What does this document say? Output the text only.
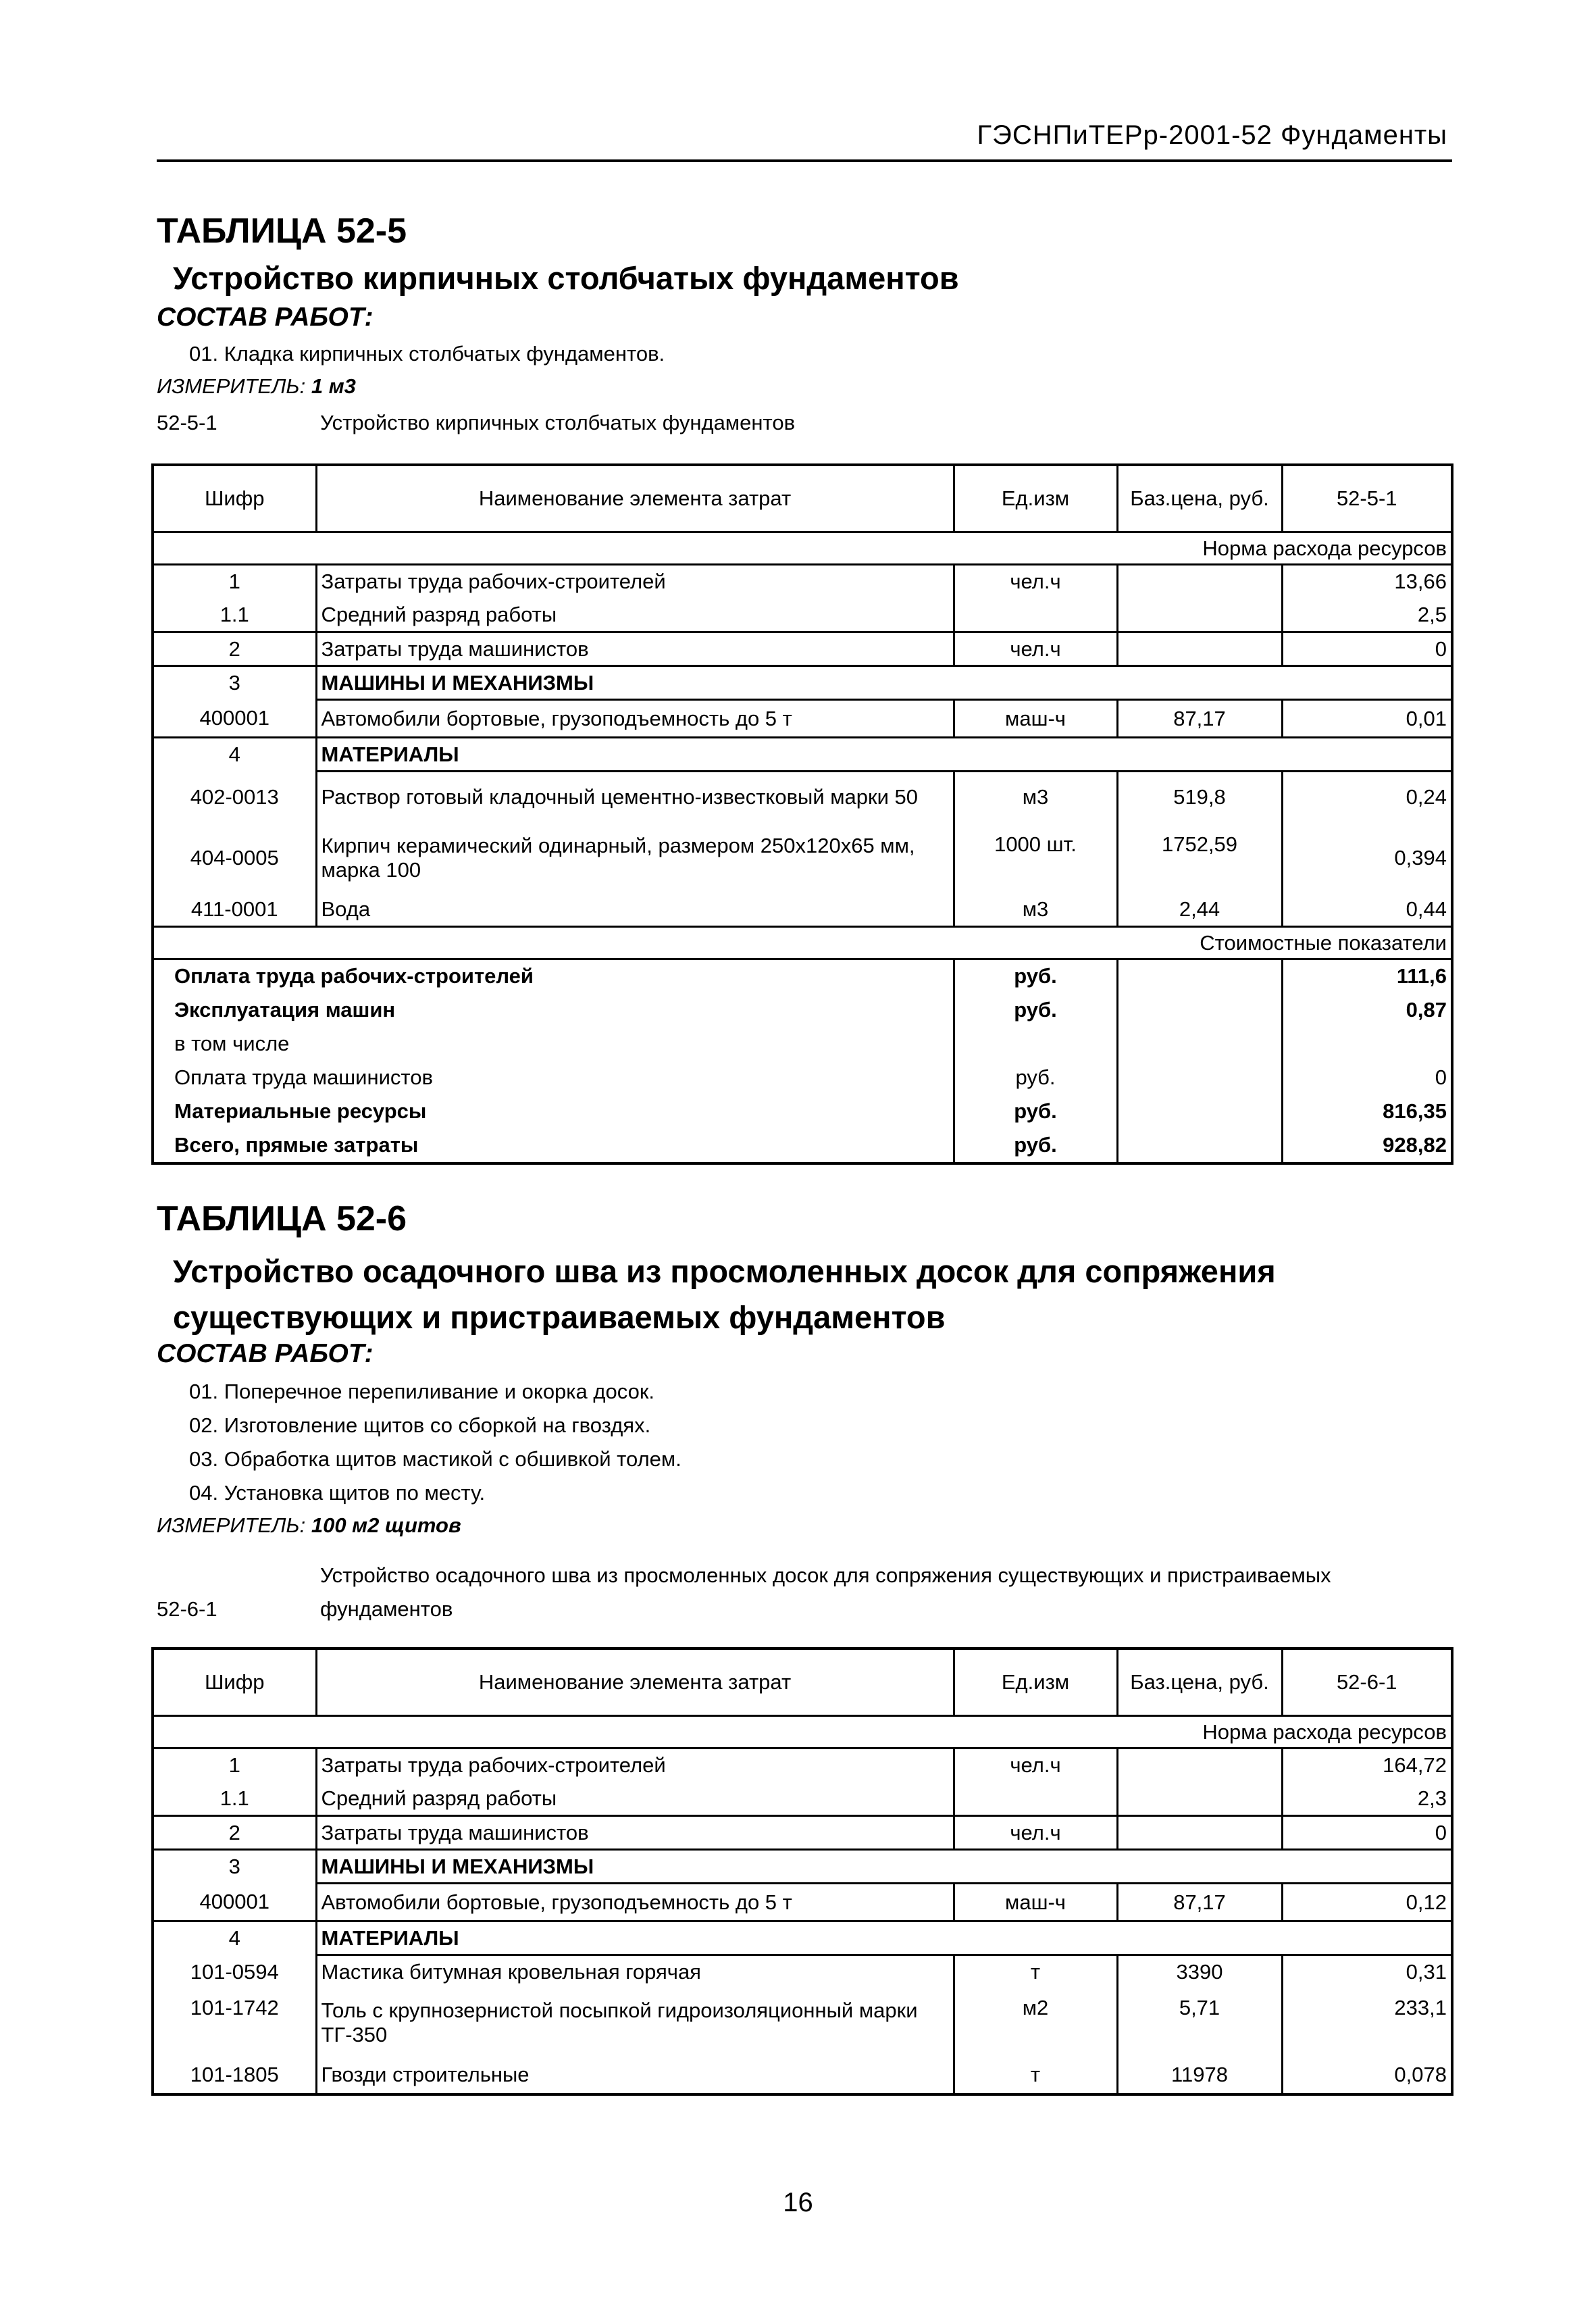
ГЭСНПиТЕРр-2001-52 Фундаменты
ТАБЛИЦА 52-5
Устройство кирпичных столбчатых фундаментов
СОСТАВ РАБОТ:
01. Кладка кирпичных столбчатых фундаментов.
ИЗМЕРИТЕЛЬ: 1 м3
52-5-1	Устройство кирпичных столбчатых фундаментов
Шифр	Наименование элемента затрат	Ед.изм	Баз.цена, руб.	52-5-1
Норма расхода ресурсов				
1	Затраты труда рабочих-строителей	чел.ч		13,66
1.1	Средний разряд работы			2,5
2	Затраты труда машинистов	чел.ч		0
3	МАШИНЫ И МЕХАНИЗМЫ			
400001	Автомобили бортовые, грузоподъемность до 5 т	маш-ч	87,17	0,01
4	МАТЕРИАЛЫ			
402-0013	Раствор готовый кладочный цементно-известковый марки 50	м3	519,8	0,24
404-0005	Кирпич керамический одинарный, размером 250х120х65 мм, марка 100	1000 шт.	1752,59	0,394
411-0001	Вода	м3	2,44	0,44
Стоимостные показатели				
Оплата труда рабочих-строителей		руб.		111,6
Эксплуатация машин		руб.		0,87
в том числе				
Оплата труда машинистов		руб.		0
Материальные ресурсы		руб.		816,35
Всего, прямые затраты		руб.		928,82
ТАБЛИЦА 52-6
Устройство осадочного шва из просмоленных досок для сопряжения
существующих и пристраиваемых фундаментов
СОСТАВ РАБОТ:
01. Поперечное перепиливание и окорка досок.
02. Изготовление щитов со сборкой на гвоздях.
03. Обработка щитов мастикой с обшивкой толем.
04. Установка щитов по месту.
ИЗМЕРИТЕЛЬ: 100 м2 щитов
Устройство осадочного шва из просмоленных досок для сопряжения существующих и пристраиваемых
52-6-1	фундаментов
Шифр	Наименование элемента затрат	Ед.изм	Баз.цена, руб.	52-6-1
Норма расхода ресурсов				
1	Затраты труда рабочих-строителей	чел.ч		164,72
1.1	Средний разряд работы			2,3
2	Затраты труда машинистов	чел.ч		0
3	МАШИНЫ И МЕХАНИЗМЫ			
400001	Автомобили бортовые, грузоподъемность до 5 т	маш-ч	87,17	0,12
4	МАТЕРИАЛЫ			
101-0594	Мастика битумная кровельная горячая	т	3390	0,31
101-1742	Толь с крупнозернистой посыпкой гидроизоляционный марки ТГ-350	м2	5,71	233,1
101-1805	Гвозди строительные	т	11978	0,078
16
